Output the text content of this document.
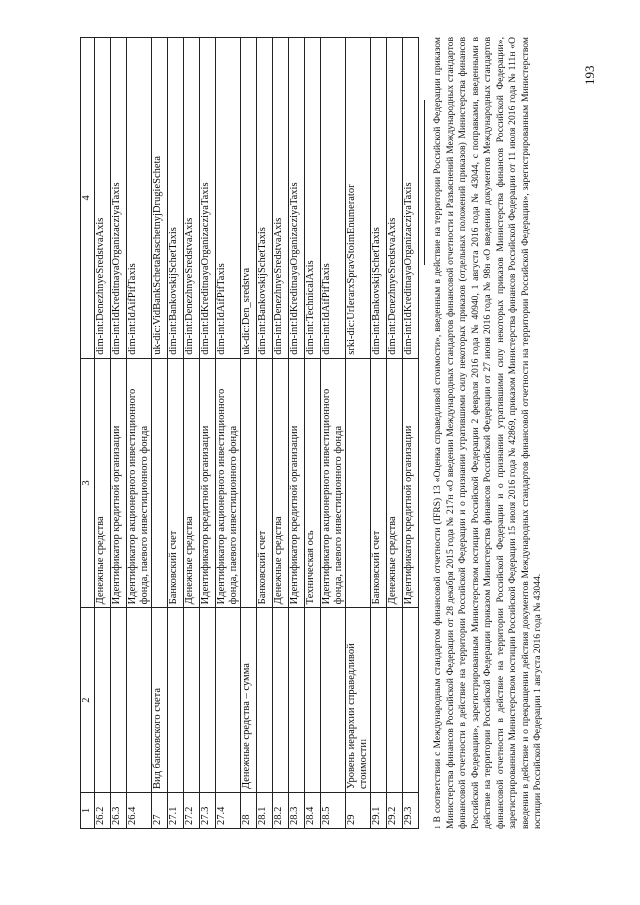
1	2	3	4
26.2		Денежные средства	dim-int:DenezhnyeSredstvaAxis
26.3		Идентификатор кредитной организации	dim-int:IdKreditnayaOrganizacziyaTaxis
26.4		Идентификатор акционерного инвестиционного фонда, паевого инвестиционного фонда	dim-int:IdAifPifTaxis
27	Вид банковского счета		uk-dic:VidBankSchetaRaschetnyjDrugieScheta
27.1		Банковский счет	dim-int:BankovskijSchetTaxis
27.2		Денежные средства	dim-int:DenezhnyeSredstvaAxis
27.3		Идентификатор кредитной организации	dim-int:IdKreditnayaOrganizacziyaTaxis
27.4		Идентификатор акционерного инвестиционного фонда, паевого инвестиционного фонда	dim-int:IdAifPifTaxis
28	Денежные средства – сумма		uk-dic:Den_sredstva
28.1		Банковский счет	dim-int:BankovskijSchetTaxis
28.2		Денежные средства	dim-int:DenezhnyeSredstvaAxis
28.3		Идентификатор кредитной организации	dim-int:IdKreditnayaOrganizacziyaTaxis
28.4		Техническая ось	dim-int:TechnicalAxis
28.5		Идентификатор акционерного инвестиционного фонда, паевого инвестиционного фонда	dim-int:IdAifPifTaxis
29	Уровень иерархии справедливой стоимости$^1$		srki-dic:UrIerarxSpravStoimEnumerator
29.1		Банковский счет	dim-int:BankovskijSchetTaxis
29.2		Денежные средства	dim-int:DenezhnyeSredstvaAxis
29.3		Идентификатор кредитной организации	dim-int:IdKreditnayaOrganizacziyaTaxis
$^1$ В соответствии с Международным стандартом финансовой отчетности (IFRS) 13 «Оценка справедливой стоимости», введенным в действие на территории Российской Федерации приказом Министерства финансов Российской Федерации от 28 декабря 2015 года № 217н «О введении Международных стандартов финансовой отчетности и Разъяснений Международных стандартов финансовой отчетности в действие на территории Российской Федерации и о признании утратившими силу некоторых приказов (отдельных положений приказов) Министерства финансов Российской Федерации», зарегистрированным Министерством юстиции Российской Федерации 2 февраля 2016 года № 40940, 1 августа 2016 года № 43044, с поправками, введенными в действие на территории Российской Федерации приказом Министерства финансов Российской Федерации от 27 июня 2016 года № 98н «О введении документов Международных стандартов финансовой отчетности в действие на территории Российской Федерации и о признании утратившими силу некоторых приказов Министерства финансов Российской Федерации», зарегистрированным Министерством юстиции Российской Федерации 15 июля 2016 года № 42869, приказом Министерства финансов Российской Федерации от 11 июля 2016 года № 111н «О введении в действие и о прекращении действия документов Международных стандартов финансовой отчетности на территории Российской Федерации», зарегистрированным Министерством юстиции Российской Федерации 1 августа 2016 года № 43044.
193
